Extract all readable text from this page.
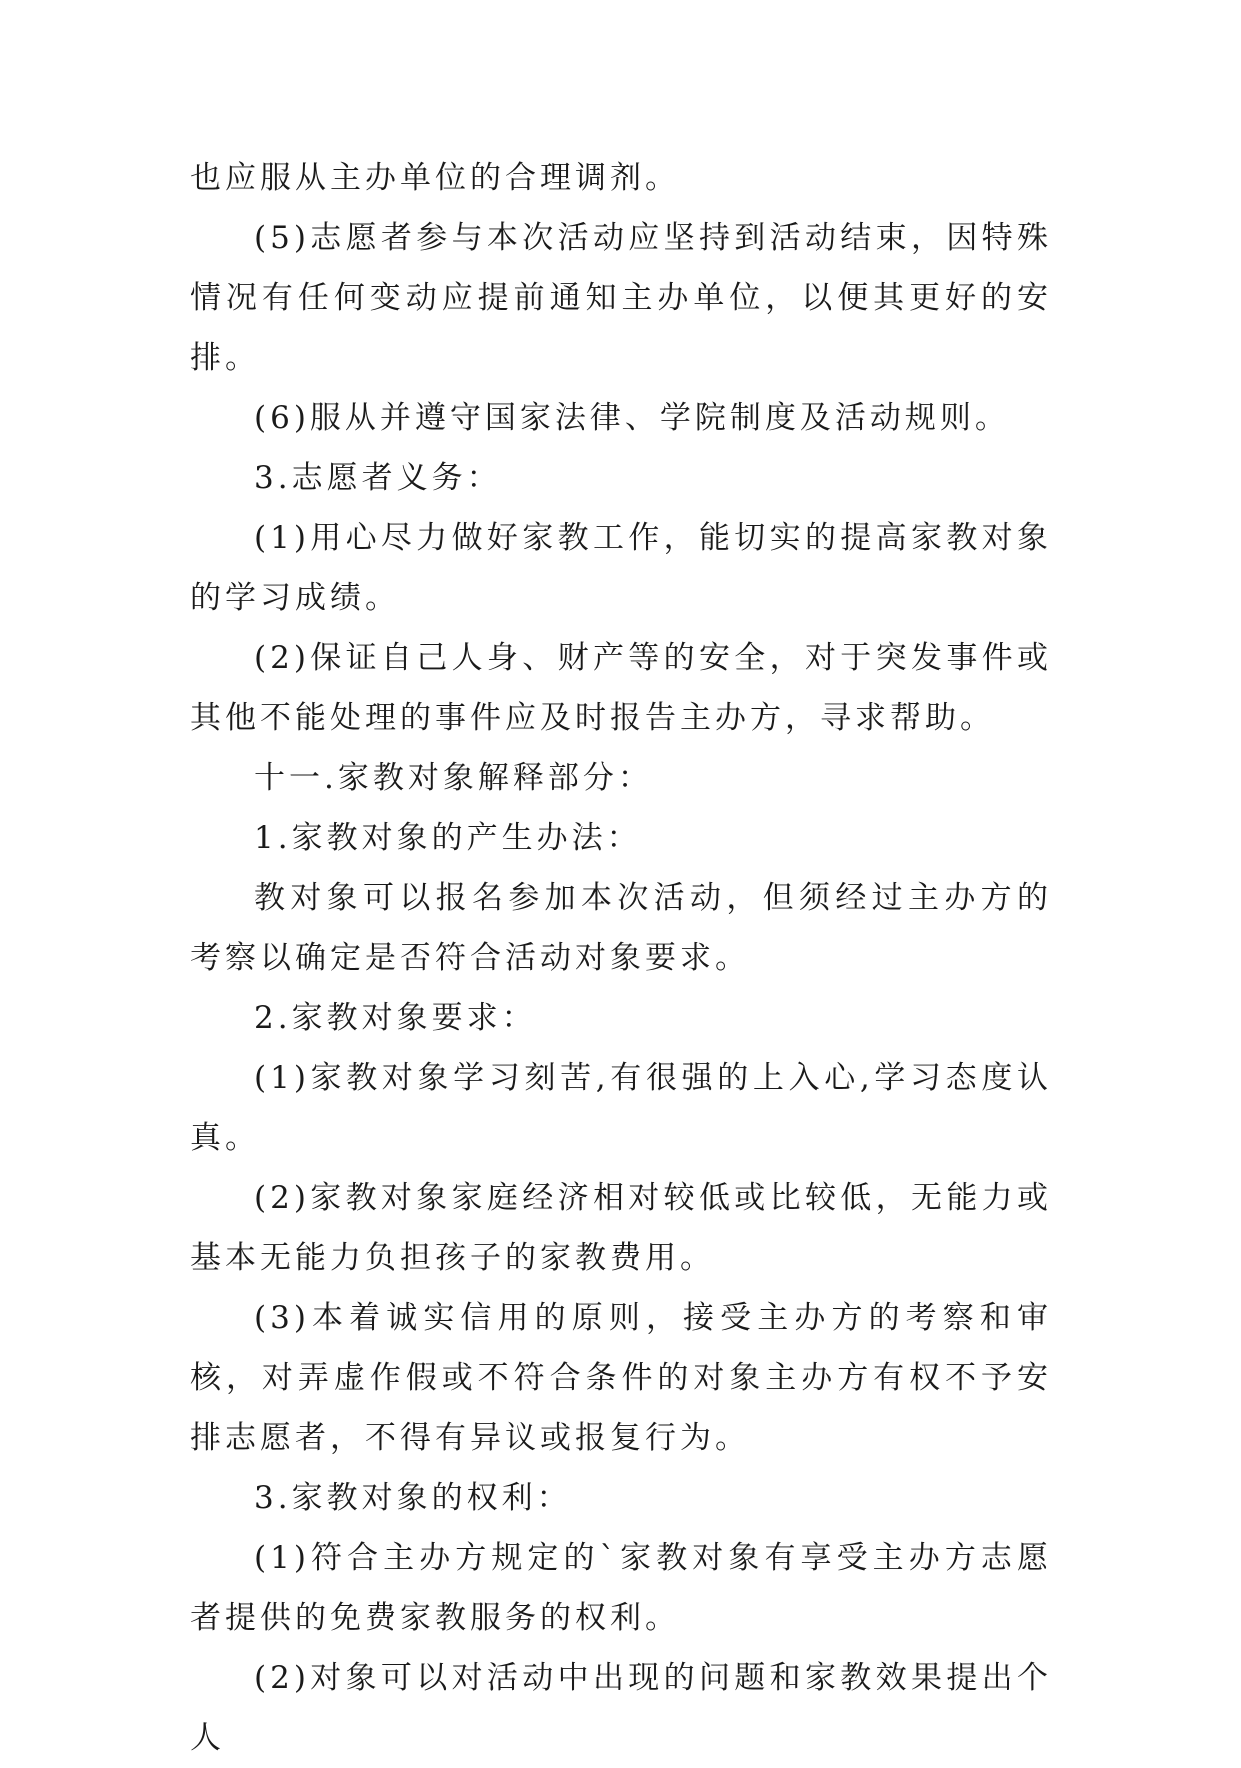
也应服从主办单位的合理调剂。

(5)志愿者参与本次活动应坚持到活动结束，因特殊情况有任何变动应提前通知主办单位，以便其更好的安排。

(6)服从并遵守国家法律、学院制度及活动规则。

3.志愿者义务：

(1)用心尽力做好家教工作，能切实的提高家教对象的学习成绩。

(2)保证自己人身、财产等的安全，对于突发事件或其他不能处理的事件应及时报告主办方，寻求帮助。

十一.家教对象解释部分：

1.家教对象的产生办法：

教对象可以报名参加本次活动，但须经过主办方的考察以确定是否符合活动对象要求。

2.家教对象要求：

(1)家教对象学习刻苦,有很强的上入心,学习态度认真。

(2)家教对象家庭经济相对较低或比较低，无能力或基本无能力负担孩子的家教费用。

(3)本着诚实信用的原则，接受主办方的考察和审核，对弄虚作假或不符合条件的对象主办方有权不予安排志愿者，不得有异议或报复行为。

3.家教对象的权利：

(1)符合主办方规定的`家教对象有享受主办方志愿者提供的免费家教服务的权利。

(2)对象可以对活动中出现的问题和家教效果提出个人
